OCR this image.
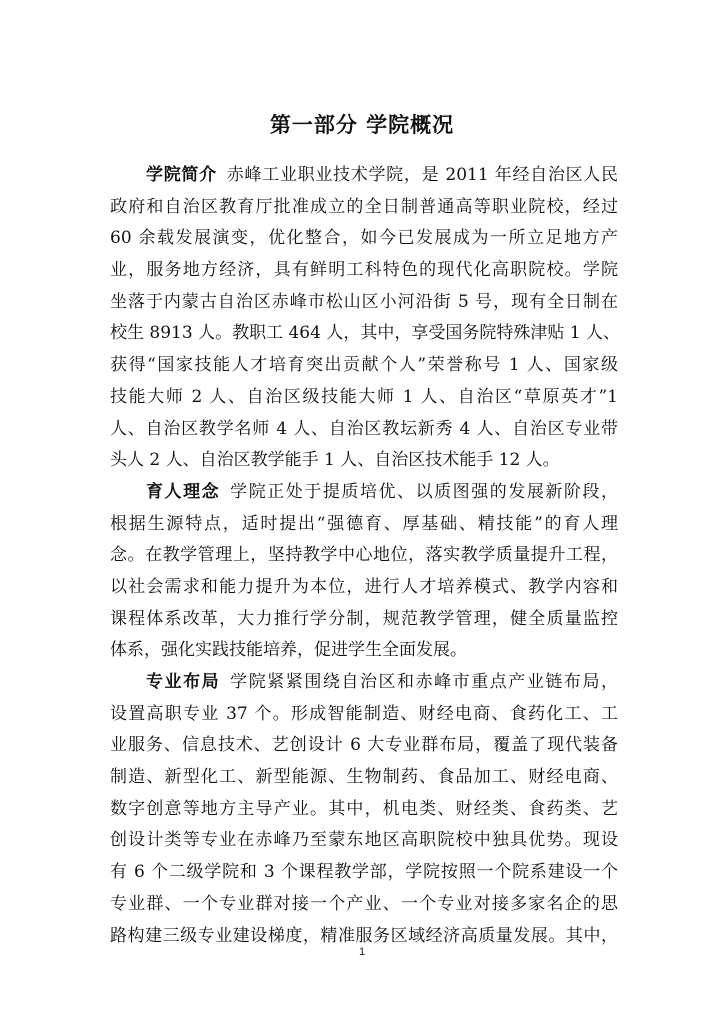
第一部分 学院概况
学院简介 赤峰工业职业技术学院，是 2011 年经自治区人民
政府和自治区教育厅批准成立的全日制普通高等职业院校，经过
60 余载发展演变，优化整合，如今已发展成为一所立足地方产
业，服务地方经济，具有鲜明工科特色的现代化高职院校。学院
坐落于内蒙古自治区赤峰市松山区小河沿街 5 号，现有全日制在
校生 8913 人。教职工 464 人，其中，享受国务院特殊津贴 1 人、
获得“国家技能人才培育突出贡献个人”荣誉称号 1 人、国家级
技能大师 2 人、自治区级技能大师 1 人、自治区“草原英才”1
人、自治区教学名师 4 人、自治区教坛新秀 4 人、自治区专业带
头人 2 人、自治区教学能手 1 人、自治区技术能手 12 人。
育人理念 学院正处于提质培优、以质图强的发展新阶段，
根据生源特点，适时提出“强德育、厚基础、精技能”的育人理
念。在教学管理上，坚持教学中心地位，落实教学质量提升工程，
以社会需求和能力提升为本位，进行人才培养模式、教学内容和
课程体系改革，大力推行学分制，规范教学管理，健全质量监控
体系，强化实践技能培养，促进学生全面发展。
专业布局 学院紧紧围绕自治区和赤峰市重点产业链布局，
设置高职专业 37 个。形成智能制造、财经电商、食药化工、工
业服务、信息技术、艺创设计 6 大专业群布局，覆盖了现代装备
制造、新型化工、新型能源、生物制药、食品加工、财经电商、
数字创意等地方主导产业。其中，机电类、财经类、食药类、艺
创设计类等专业在赤峰乃至蒙东地区高职院校中独具优势。现设
有 6 个二级学院和 3 个课程教学部，学院按照一个院系建设一个
专业群、一个专业群对接一个产业、一个专业对接多家名企的思
路构建三级专业建设梯度，精准服务区域经济高质量发展。其中，
1
